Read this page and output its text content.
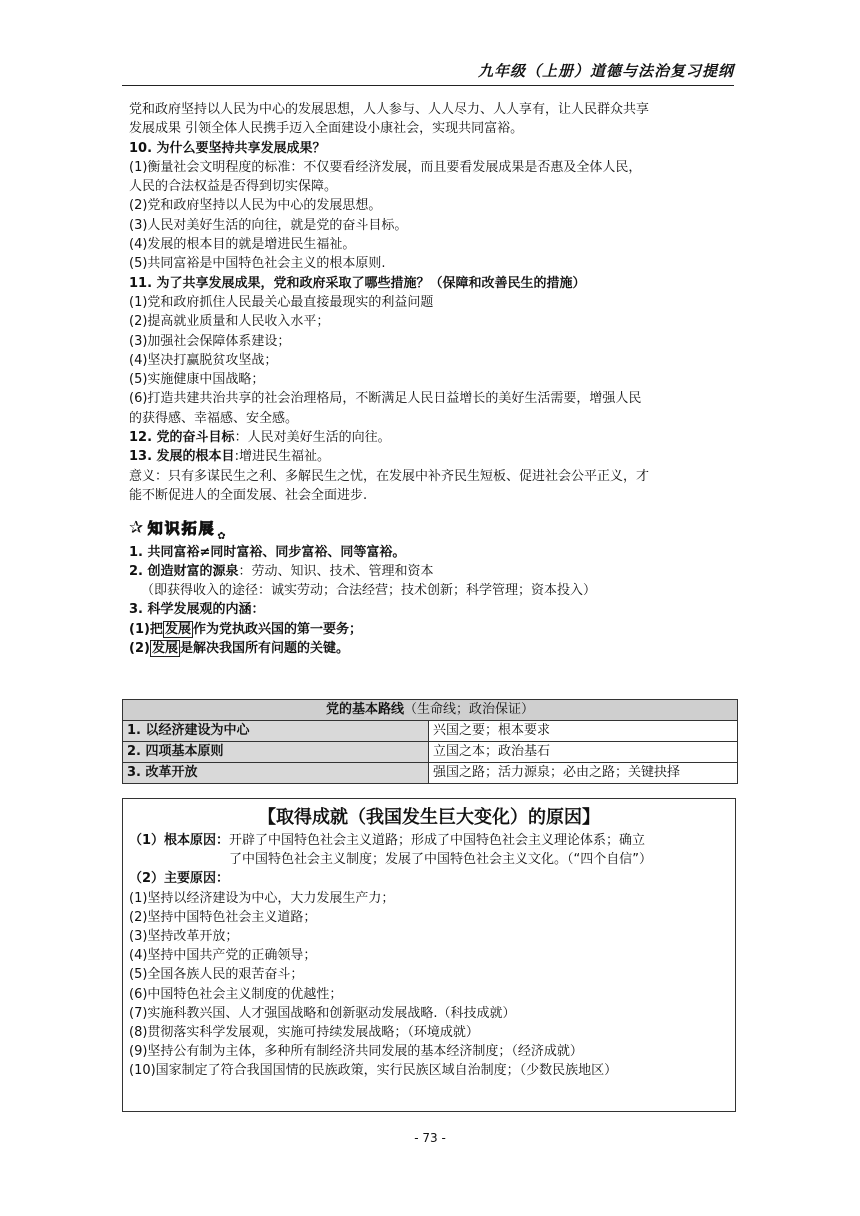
九年级（上册）道德与法治复习提纲
党和政府坚持以人民为中心的发展思想，人人参与、人人尽力、人人享有，让人民群众共享
发展成果 引领全体人民携手迈入全面建设小康社会，实现共同富裕。
10. 为什么要坚持共享发展成果？
(1)衡量社会文明程度的标准：不仅要看经济发展，而且要看发展成果是否惠及全体人民，
人民的合法权益是否得到切实保障。
(2)党和政府坚持以人民为中心的发展思想。
(3)人民对美好生活的向往，就是党的奋斗目标。
(4)发展的根本目的就是增进民生福祉。
(5)共同富裕是中国特色社会主义的根本原则.
11. 为了共享发展成果，党和政府采取了哪些措施？（保障和改善民生的措施）
(1)党和政府抓住人民最关心最直接最现实的利益问题
(2)提高就业质量和人民收入水平；
(3)加强社会保障体系建设；
(4)坚决打赢脱贫攻坚战；
(5)实施健康中国战略；
(6)打造共建共治共享的社会治理格局，不断满足人民日益增长的美好生活需要，增强人民
的获得感、幸福感、安全感。
12. 党的奋斗目标：人民对美好生活的向往。
13. 发展的根本目:增进民生福祉。
意义：只有多谋民生之利、多解民生之忧，在发展中补齐民生短板、促进社会公平正义，才
能不断促进人的全面发展、社会全面进步.
✰ 知识拓展 $_✿$
1. 共同富裕≠同时富裕、同步富裕、同等富裕。
2. 创造财富的源泉：劳动、知识、技术、管理和资本
（即获得收入的途径：诚实劳动；合法经营；技术创新；科学管理；资本投入）
3. 科学发展观的内涵：
(1)把 发展 作为党执政兴国的第一要务；
(2) 发展 是解决我国所有问题的关键。
党的基本路线（生命线；政治保证）	
1. 以经济建设为中心	兴国之要；根本要求
2. 四项基本原则	立国之本；政治基石
3. 改革开放	强国之路；活力源泉；必由之路；关键抉择
【取得成就（我国发生巨大变化）的原因】
（1）根本原因： 开辟了中国特色社会主义道路；形成了中国特色社会主义理论体系；确立
了中国特色社会主义制度；发展了中国特色社会主义文化。（“四个自信”）
（2）主要原因：
(1)坚持以经济建设为中心，大力发展生产力；
(2)坚持中国特色社会主义道路；
(3)坚持改革开放；
(4)坚持中国共产党的正确领导；
(5)全国各族人民的艰苦奋斗；
(6)中国特色社会主义制度的优越性；
(7)实施科教兴国、人才强国战略和创新驱动发展战略.（科技成就）
(8)贯彻落实科学发展观，实施可持续发展战略；（环境成就）
(9)坚持公有制为主体，多种所有制经济共同发展的基本经济制度；（经济成就）
(10)国家制定了符合我国国情的民族政策，实行民族区域自治制度；（少数民族地区）
- 73 -
